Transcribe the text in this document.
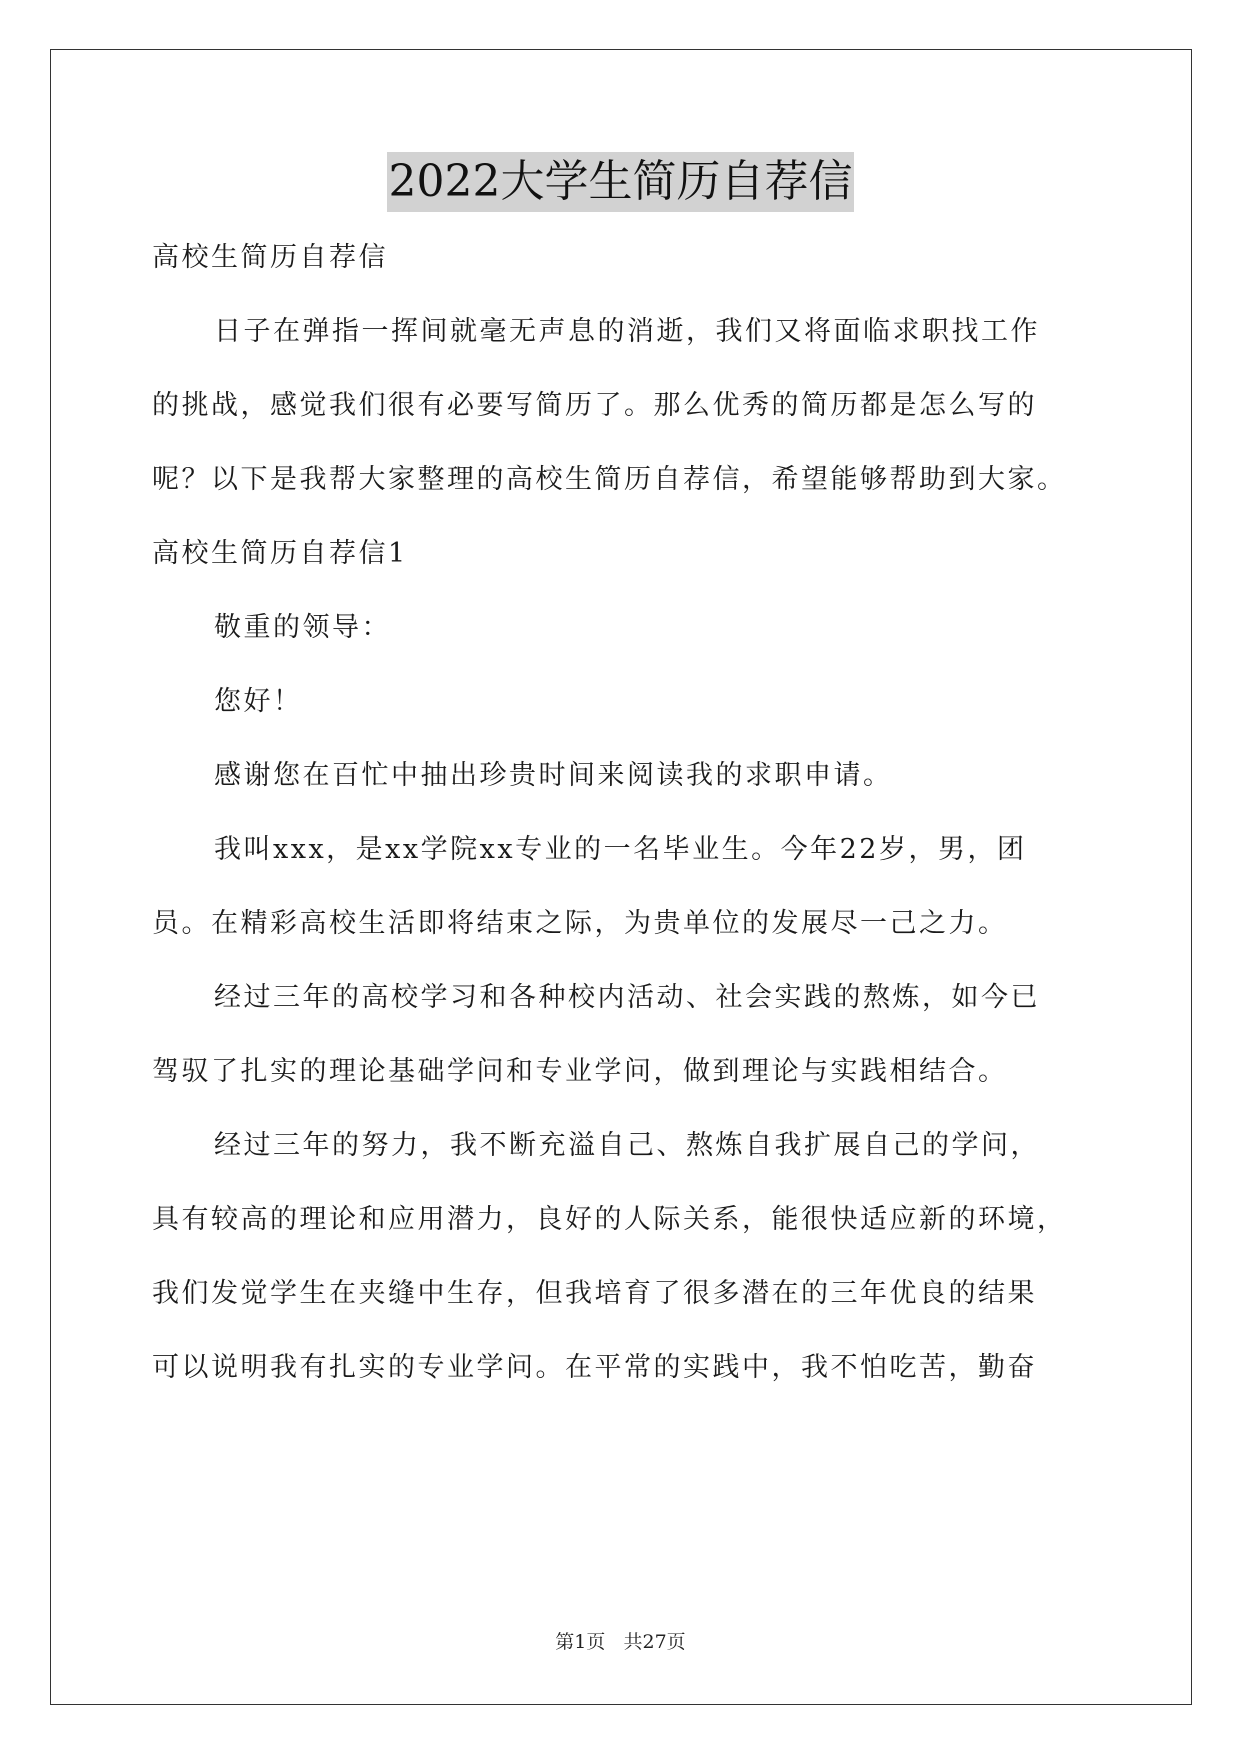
2022大学生简历自荐信
高校生简历自荐信
日子在弹指一挥间就毫无声息的消逝，我们又将面临求职找工作
的挑战，感觉我们很有必要写简历了。那么优秀的简历都是怎么写的
呢？以下是我帮大家整理的高校生简历自荐信，希望能够帮助到大家。
高校生简历自荐信1
敬重的领导：
您好！
感谢您在百忙中抽出珍贵时间来阅读我的求职申请。
我叫xxx，是xx学院xx专业的一名毕业生。今年22岁，男，团
员。在精彩高校生活即将结束之际，为贵单位的发展尽一己之力。
经过三年的高校学习和各种校内活动、社会实践的熬炼，如今已
驾驭了扎实的理论基础学问和专业学问，做到理论与实践相结合。
经过三年的努力，我不断充溢自己、熬炼自我扩展自己的学问，
具有较高的理论和应用潜力，良好的人际关系，能很快适应新的环境，
我们发觉学生在夹缝中生存，但我培育了很多潜在的三年优良的结果
可以说明我有扎实的专业学问。在平常的实践中，我不怕吃苦，勤奋
第1页   共27页
